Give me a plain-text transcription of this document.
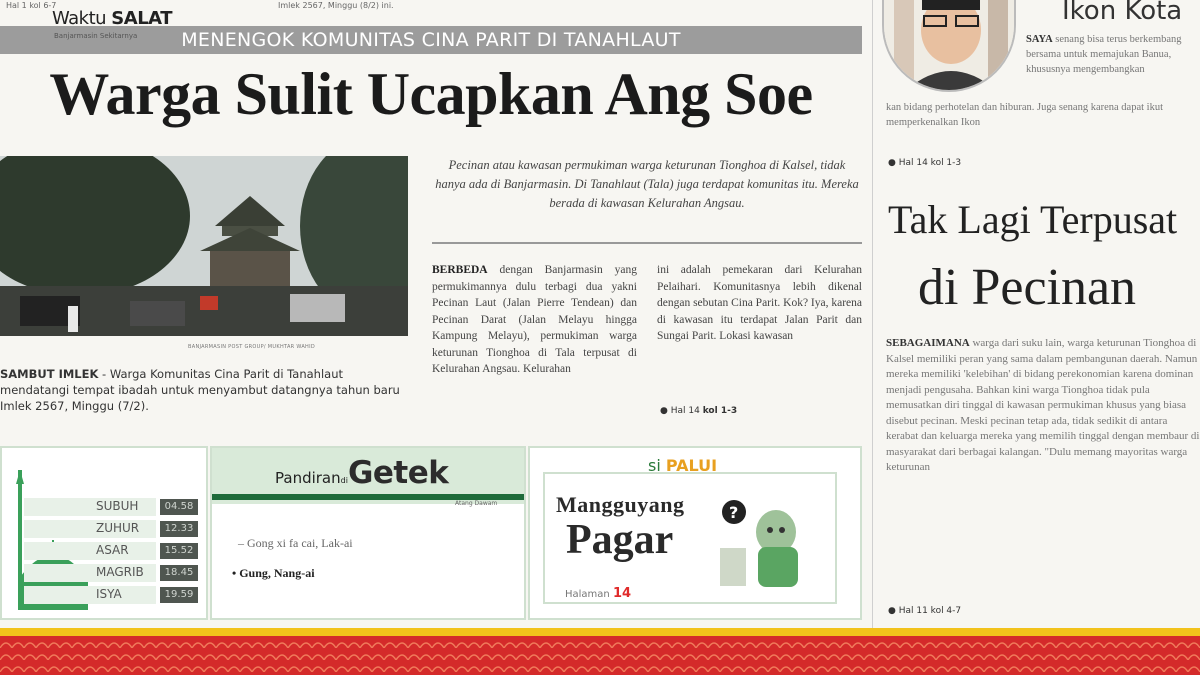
Hal 1 kol 6-7	Imlek 2567, Minggu (8/2) ini.
MENENGOK KOMUNITAS CINA PARIT DI TANAHLAUT
Warga Sulit Ucapkan Ang Soe
BANJARMASIN POST GROUP/ MUKHTAR WAHID
SAMBUT IMLEK - Warga Komunitas Cina Parit di Tanahlaut mendatangi tempat ibadah untuk menyambut datangnya tahun baru Imlek 2567, Minggu (7/2).
Pecinan atau kawasan permukiman warga keturunan Tionghoa di Kalsel, tidak hanya ada di Banjarmasin. Di Tanahlaut (Tala) juga terdapat komunitas itu. Mereka berada di kawasan Kelurahan Angsau.
BERBEDA dengan Banjarmasin yang permukimannya dulu terbagi dua yakni Pecinan Laut (Jalan Pierre Tendean) dan Pecinan Darat (Jalan Melayu hingga Kampung Melayu), permukiman warga keturunan Tionghoa di Tala terpusat di Kelurahan Angsau. Kelurahan
ini adalah pemekaran dari Kelurahan Pelaihari. Komunitasnya lebih dikenal dengan sebutan Cina Parit. Kok? Iya, karena di kawasan itu terdapat Jalan Parit dan Sungai Parit. Lokasi kawasan
● Hal 14 kol 1-3
Waktu SALAT
Banjarmasin Sekitarnya
SUBUH	04.58
ZUHUR	12.33
ASAR	15.52
MAGRIB	18.45
ISYA	19.59
PandirandiGetek
Atang Dawam
– Gong xi fa cai, Lak-ai
• Gung, Nang-ai
si PALUI
Mangguyang
Pagar
Halaman 14
?
Ikon Kota
SAYA senang bisa terus berkembang bersama untuk memajukan Banua, khususnya mengembangkan
kan bidang perhotelan dan hiburan. Juga senang karena dapat ikut memperkenalkan Ikon
● Hal 14 kol 1-3
Tak Lagi Terpusat
di Pecinan
SEBAGAIMANA warga dari suku lain, warga keturunan Tionghoa di Kalsel memiliki peran yang sama dalam pembangunan daerah. Namun mereka memiliki 'kelebihan' di bidang perekonomian karena dominan menjadi pengusaha. Bahkan kini warga Tionghoa tidak pula memusatkan diri tinggal di kawasan permukiman khusus yang biasa disebut pecinan. Meski pecinan tetap ada, tidak sedikit di antara kerabat dan keluarga mereka yang memilih tinggal dengan membaur di masyarakat dari berbagai kalangan. "Dulu memang mayoritas warga keturunan
● Hal 11 kol 4-7
